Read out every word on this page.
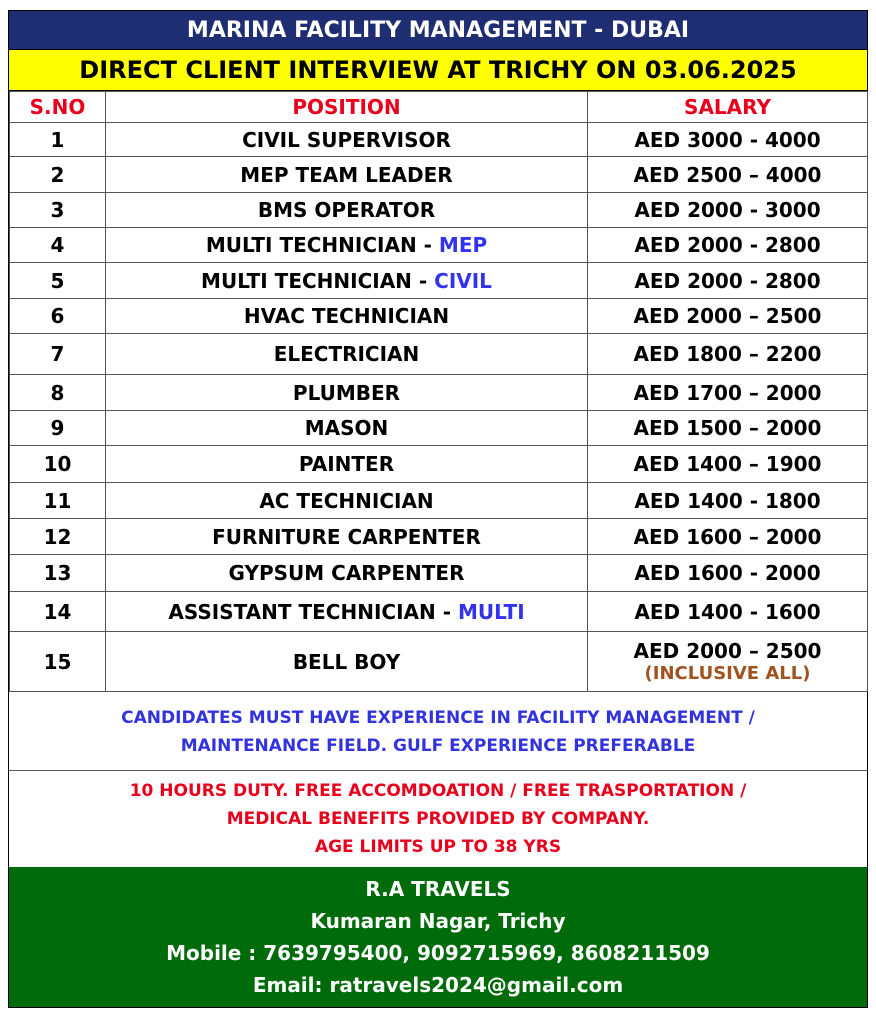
MARINA FACILITY MANAGEMENT - DUBAI
DIRECT CLIENT INTERVIEW AT TRICHY ON 03.06.2025
S.NO	POSITION	SALARY
1	CIVIL SUPERVISOR	AED 3000 - 4000

2	MEP TEAM LEADER	AED 2500 – 4000

3	BMS OPERATOR	AED 2000 - 3000

4	MULTI TECHNICIAN - MEP	AED 2000 - 2800

5	MULTI TECHNICIAN - CIVIL	AED 2000 - 2800

6	HVAC TECHNICIAN	AED 2000 – 2500

7	ELECTRICIAN	AED 1800 – 2200

8	PLUMBER	AED 1700 – 2000

9	MASON	AED 1500 – 2000

10	PAINTER	AED 1400 – 1900

11	AC TECHNICIAN	AED 1400 - 1800

12	FURNITURE CARPENTER	AED 1600 – 2000

13	GYPSUM CARPENTER	AED 1600 - 2000

14	ASSISTANT TECHNICIAN - MULTI	AED 1400 - 1600

15	BELL BOY	AED 2000 – 2500
(INCLUSIVE ALL)
CANDIDATES MUST HAVE EXPERIENCE IN FACILITY MANAGEMENT /
MAINTENANCE FIELD. GULF EXPERIENCE PREFERABLE
10 HOURS DUTY. FREE ACCOMDOATION / FREE TRASPORTATION /
MEDICAL BENEFITS PROVIDED BY COMPANY.
AGE LIMITS UP TO 38 YRS
R.A TRAVELS
Kumaran Nagar, Trichy
Mobile : 7639795400, 9092715969, 8608211509
Email: ratravels2024@gmail.com
